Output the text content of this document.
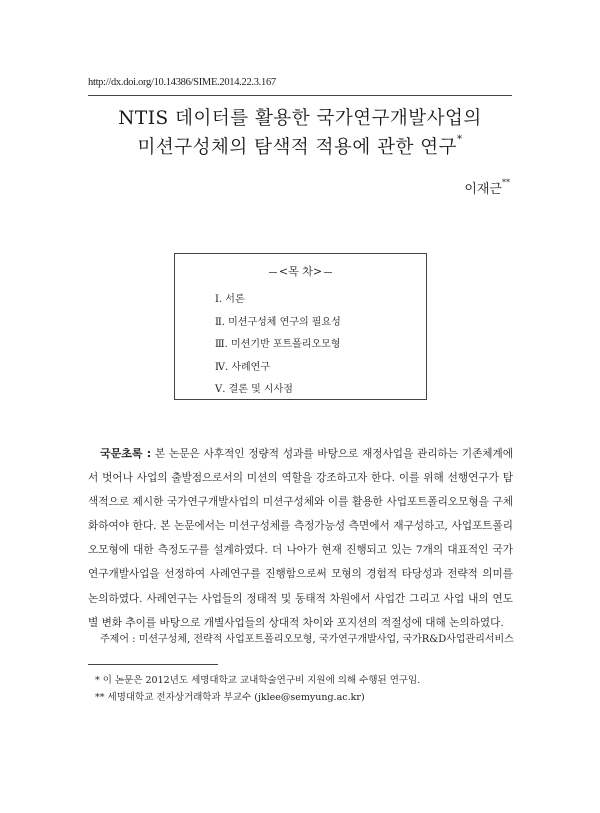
http://dx.doi.org/10.14386/SIME.2014.22.3.167
NTIS 데이터를 활용한 국가연구개발사업의
미션구성체의 탐색적 적용에 관한 연구*
이재근**
<목 차>
Ⅰ. 서론
Ⅱ. 미션구성체 연구의 필요성
Ⅲ. 미션기반 포트폴리오모형
Ⅳ. 사례연구
Ⅴ. 결론 및 시사점

국문초록 : 본 논문은 사후적인 정량적 성과를 바탕으로 재정사업을 관리하는 기존체계에서 벗어나 사업의 출발점으로서의 미션의 역할을 강조하고자 한다. 이를 위해 선행연구가 탐색적으로 제시한 국가연구개발사업의 미션구성체와 이를 활용한 사업포트폴리오모형을 구체화하여야 한다. 본 논문에서는 미션구성체를 측정가능성 측면에서 재구성하고, 사업포트폴리오모형에 대한 측정도구를 설계하였다. 더 나아가 현재 진행되고 있는 7개의 대표적인 국가연구개발사업을 선정하여 사례연구를 진행함으로써 모형의 경험적 타당성과 전략적 의미를 논의하였다. 사례연구는 사업들의 정태적 및 동태적 차원에서 사업간 그리고 사업 내의 연도별 변화 추이를 바탕으로 개별사업들의 상대적 차이와 포지션의 적절성에 대해 논의하였다.

주제어 : 미션구성체, 전략적 사업포트폴리오모형, 국가연구개발사업, 국가R&D사업관리서비스
* 이 논문은 2012년도 세명대학교 교내학술연구비 지원에 의해 수행된 연구임.
** 세명대학교 전자상거래학과 부교수 (jklee@semyung.ac.kr)
